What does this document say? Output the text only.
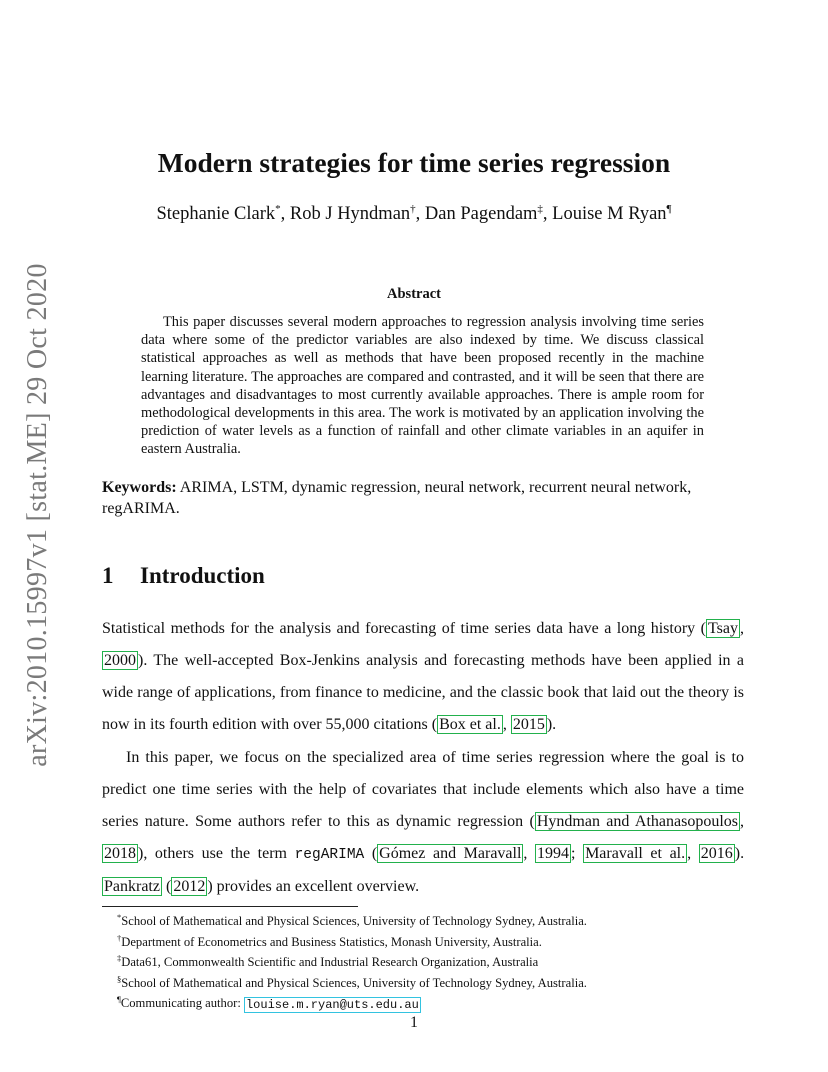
arXiv:2010.15997v1 [stat.ME] 29 Oct 2020
Modern strategies for time series regression
Stephanie Clark*, Rob J Hyndman†, Dan Pagendam‡, Louise M Ryan¶
Abstract
This paper discusses several modern approaches to regression analysis involving time series data where some of the predictor variables are also indexed by time. We discuss classical statistical approaches as well as methods that have been proposed recently in the machine learning literature. The approaches are compared and contrasted, and it will be seen that there are advantages and disadvantages to most currently available approaches. There is ample room for methodological developments in this area. The work is motivated by an application involving the prediction of water levels as a function of rainfall and other climate variables in an aquifer in eastern Australia.
Keywords: ARIMA, LSTM, dynamic regression, neural network, recurrent neural network, regARIMA.
1 Introduction
Statistical methods for the analysis and forecasting of time series data have a long history ( Tsay , 2000 ). The well-accepted Box-Jenkins analysis and forecasting methods have been applied in a wide range of applications, from finance to medicine, and the classic book that laid out the theory is now in its fourth edition with over 55,000 citations ( Box et al. , 2015 ).
In this paper, we focus on the specialized area of time series regression where the goal is to predict one time series with the help of covariates that include elements which also have a time series nature. Some authors refer to this as dynamic regression ( Hyndman and Athanasopoulos , 2018 ), others use the term regARIMA ( Gómez and Maravall , 1994 ; Maravall et al. , 2016 ). Pankratz ( 2012 ) provides an excellent overview.
*School of Mathematical and Physical Sciences, University of Technology Sydney, Australia.
†Department of Econometrics and Business Statistics, Monash University, Australia.
‡Data61, Commonwealth Scientific and Industrial Research Organization, Australia
§School of Mathematical and Physical Sciences, University of Technology Sydney, Australia.
¶Communicating author: louise.m.ryan@uts.edu.au
1
